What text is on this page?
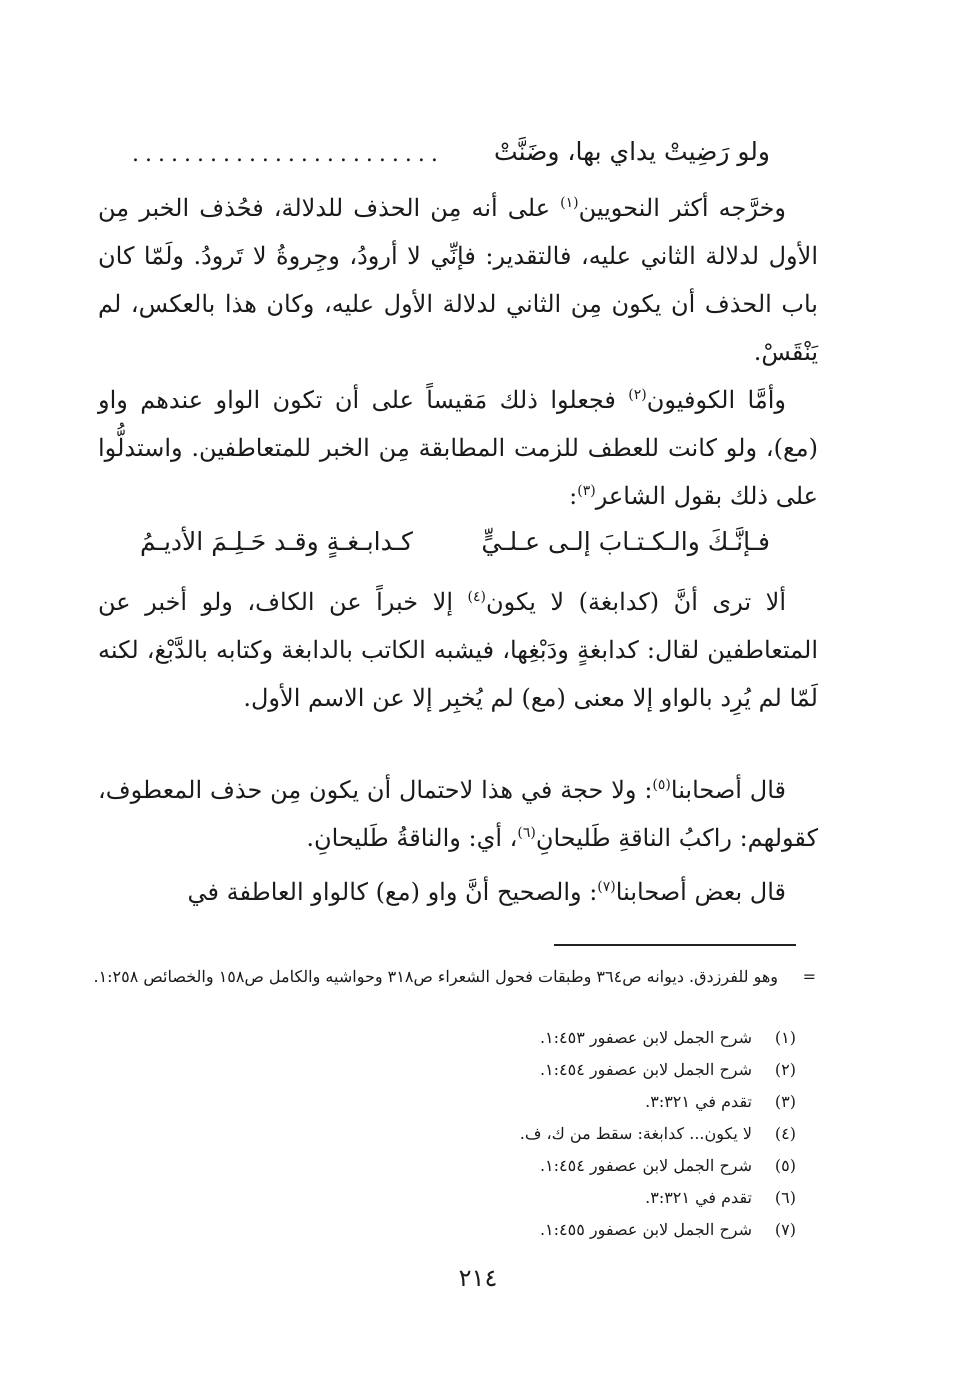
ولو رَضِيتْ يداي بها، وضَنَّتْ
........................

وخرَّجه أكثر النحويين$^{(١)}$ على أنه مِن الحذف للدلالة، فحُذف الخبر مِن الأول لدلالة الثاني عليه، فالتقدير: فإنِّي لا أرودُ، وجِروةُ لا تَرودُ. ولَمّا كان باب الحذف أن يكون مِن الثاني لدلالة الأول عليه، وكان هذا بالعكس، لم يَنْقَسْ.

وأمَّا الكوفيون$^{(٢)}$ فجعلوا ذلك مَقيساً على أن تكون الواو عندهم واو (مع)، ولو كانت للعطف للزمت المطابقة مِن الخبر للمتعاطفين. واستدلُّوا على ذلك بقول الشاعر$^{(٣)}$:

فـإنَّـكَ والـكـتـابَ إلـى عـلـيٍّ
كـدابـغـةٍ وقـد حَـلِـمَ الأديـمُ

ألا ترى أنَّ (كدابغة) لا يكون$^{(٤)}$ إلا خبراً عن الكاف، ولو أخبر عن المتعاطفين لقال: كدابغةٍ ودَبْغِها، فيشبه الكاتب بالدابغة وكتابه بالدَّبْغ، لكنه لَمّا لم يُرِد بالواو إلا معنى (مع) لم يُخبِر إلا عن الاسم الأول.

قال أصحابنا$^{(٥)}$: ولا حجة في هذا لاحتمال أن يكون مِن حذف المعطوف، كقولهم: راكبُ الناقةِ طَليحانِ$^{(٦)}$، أي: والناقةُ طَليحانِ.

قال بعض أصحابنا$^{(٧)}$: والصحيح أنَّ واو (مع) كالواو العاطفة في

=

وهو للفرزدق. ديوانه ص٣٦٤ وطبقات فحول الشعراء ص٣١٨ وحواشيه والكامل ص١٥٨ والخصائص ١:٢٥٨.

(١)شرح الجمل لابن عصفور ١:٤٥٣.
(٢)شرح الجمل لابن عصفور ١:٤٥٤.
(٣)تقدم في ٣:٣٢١.
(٤)لا يكون... كدابغة: سقط من ك، ف.
(٥)شرح الجمل لابن عصفور ١:٤٥٤.
(٦)تقدم في ٣:٣٢١.
(٧)شرح الجمل لابن عصفور ١:٤٥٥.
٢١٤
